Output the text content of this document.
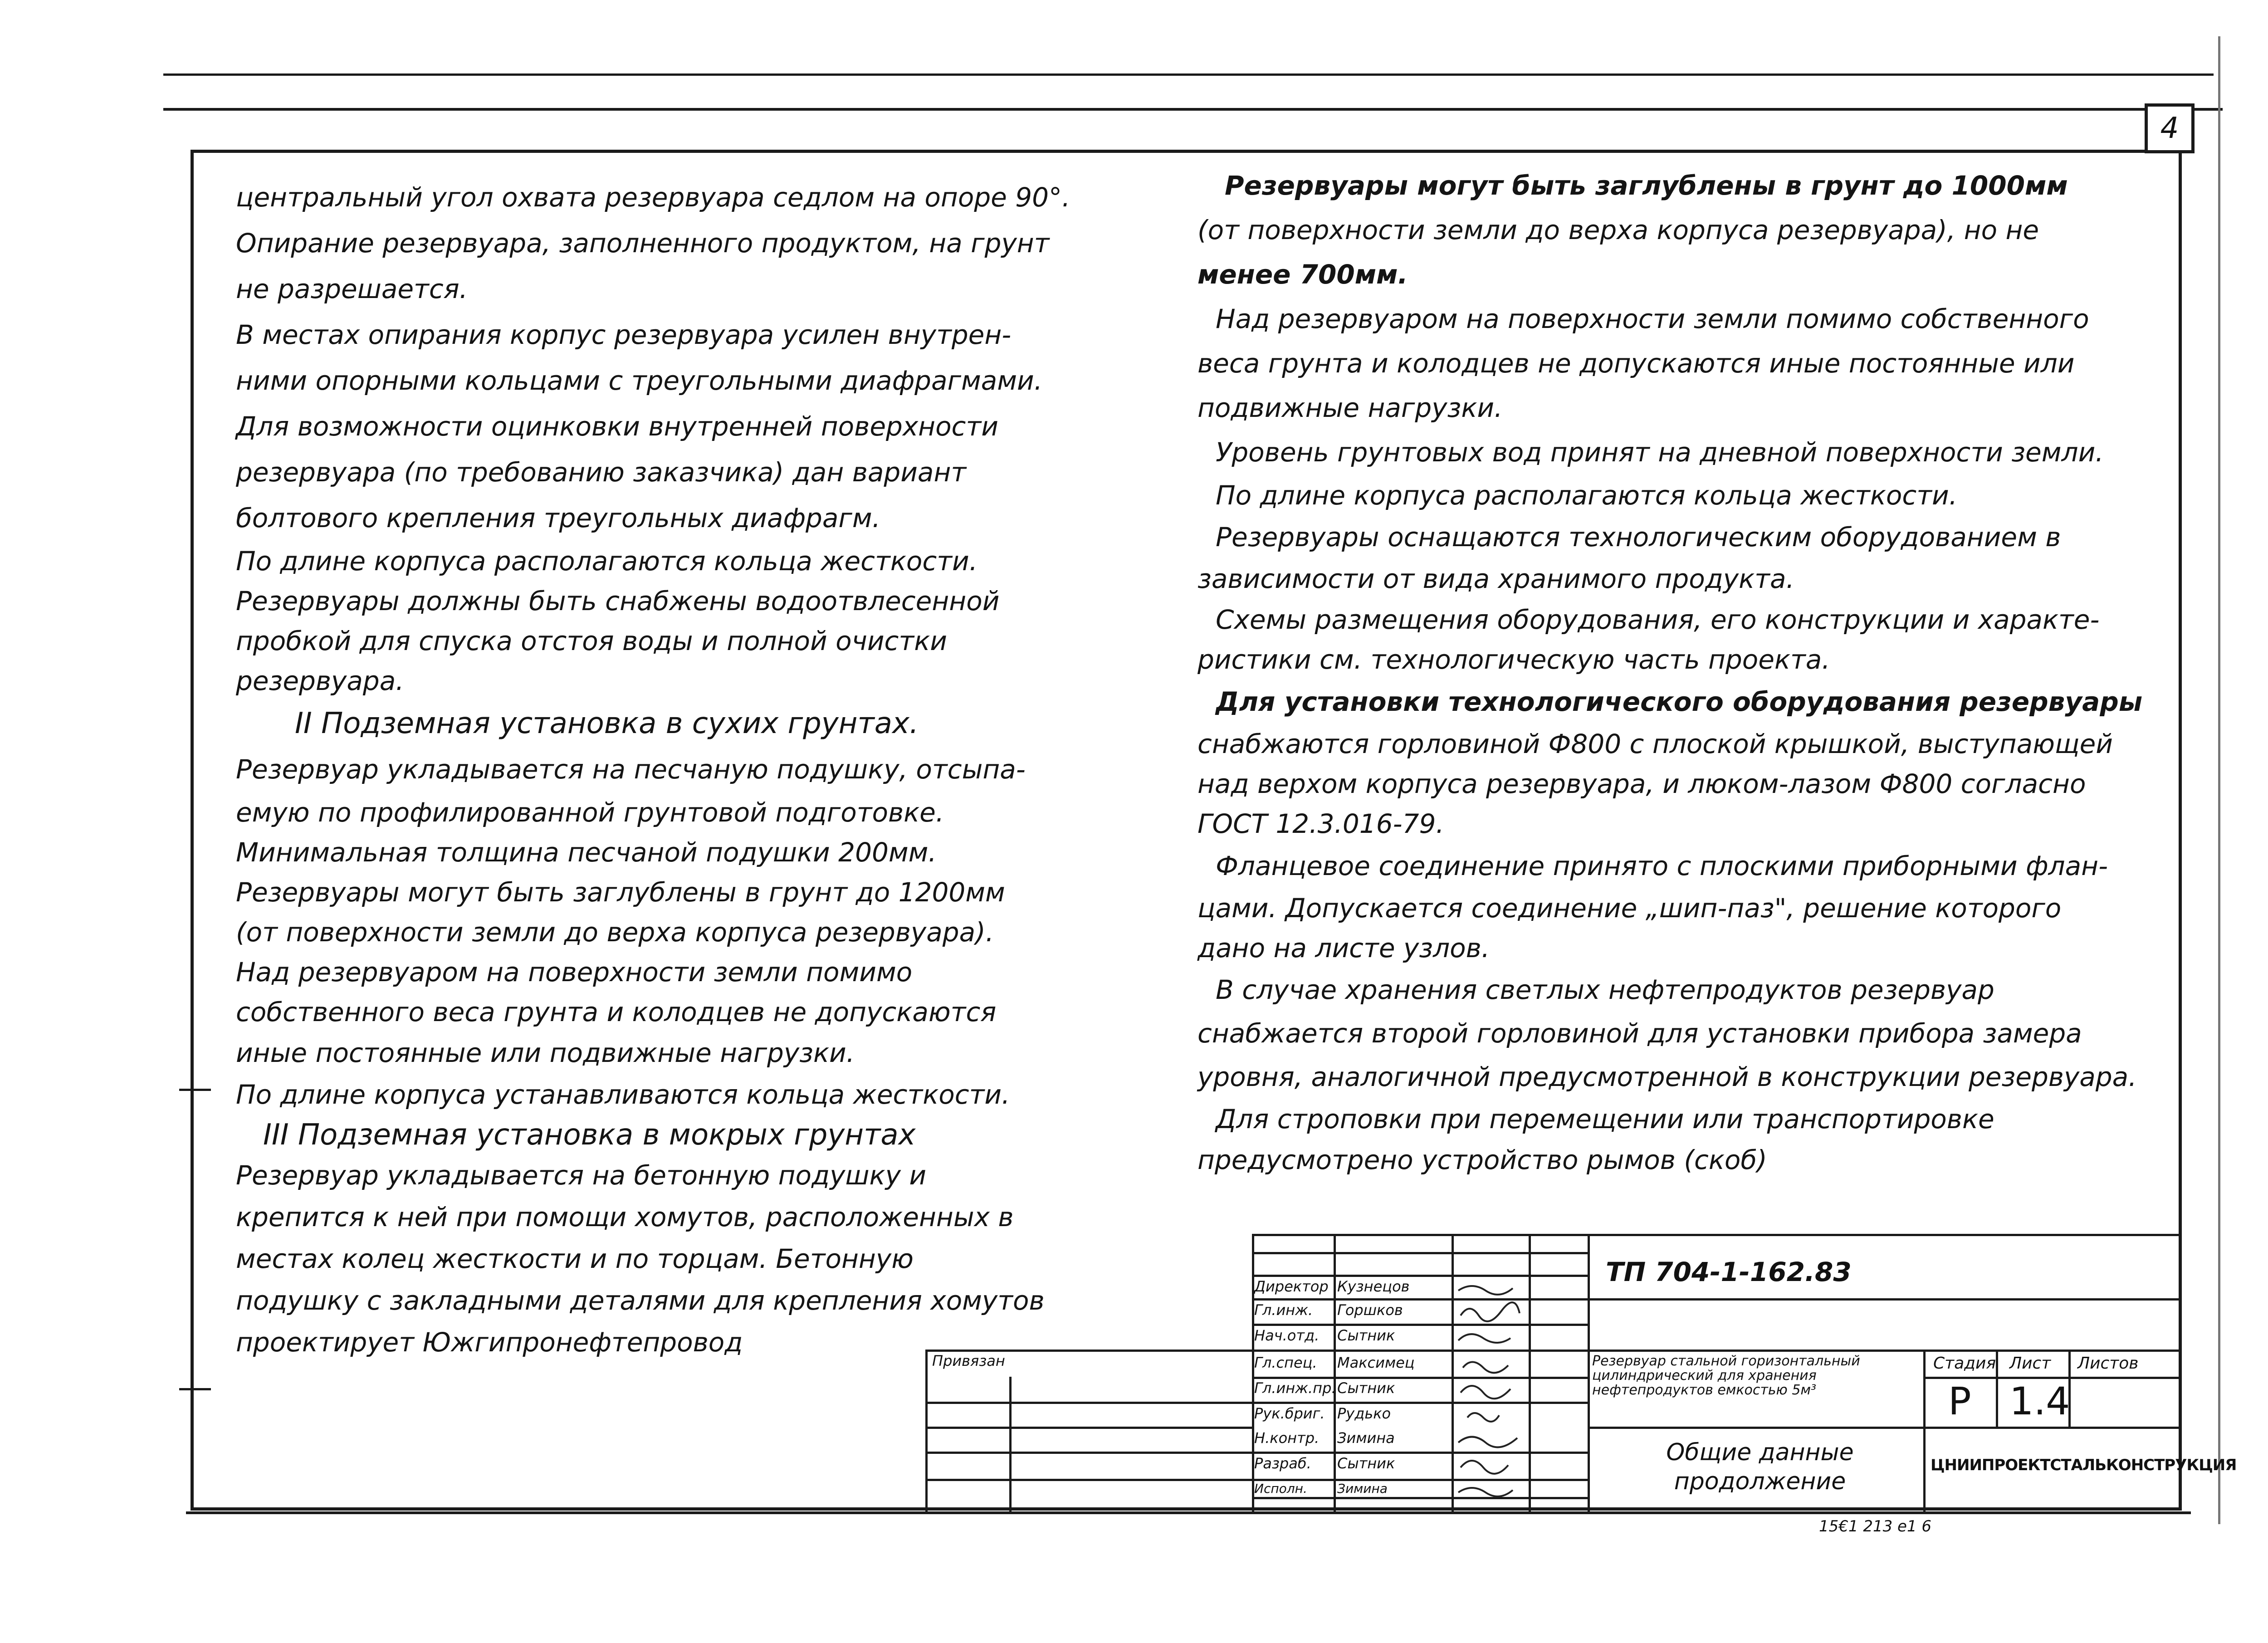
4

центральный угол охвата резервуара седлом на опоре 90°.

Опирание резервуара, заполненного продуктом, на грунт

не разрешается.

В местах опирания корпус резервуара усилен внутрен-

ними опорными кольцами с треугольными диафрагмами.

Для возможности оцинковки внутренней поверхности

резервуара (по требованию заказчика) дан вариант

болтового крепления треугольных диафрагм.

По длине корпуса располагаются кольца жесткости.

Резервуары должны быть снабжены водоотвлесенной

пробкой для спуска отстоя воды и полной очистки

резервуара.

II Подземная установка в сухих грунтах.

Резервуар укладывается на песчаную подушку, отсыпа-

емую по профилированной грунтовой подготовке.

Минимальная толщина песчаной подушки 200мм.

Резервуары могут быть заглублены в грунт до 1200мм

(от поверхности земли до верха корпуса резервуара).

Над резервуаром на поверхности земли помимо

собственного веса грунта и колодцев не допускаются

иные постоянные или подвижные нагрузки.

По длине корпуса устанавливаются кольца жесткости.

III Подземная установка в мокрых грунтах

Резервуар укладывается на бетонную подушку и

крепится к ней при помощи хомутов, расположенных в

местах колец жесткости и по торцам. Бетонную

подушку с закладными деталями для крепления хомутов

проектирует Южгипронефтепровод

Резервуары могут быть заглублены в грунт до 1000мм

(от поверхности земли до верха корпуса резервуара), но не

менее 700мм.

Над резервуаром на поверхности земли помимо собственного

веса грунта и колодцев не допускаются иные постоянные или

подвижные нагрузки.

Уровень грунтовых вод принят на дневной поверхности земли.

По длине корпуса располагаются кольца жесткости.

Резервуары оснащаются технологическим оборудованием в

зависимости от вида хранимого продукта.

Схемы размещения оборудования, его конструкции и характе-

ристики см. технологическую часть проекта.

Для установки технологического оборудования резервуары

снабжаются горловиной Ф800 с плоской крышкой, выступающей

над верхом корпуса резервуара, и люком-лазом Ф800 согласно

ГОСТ 12.3.016-79.

Фланцевое соединение принято с плоскими приборными флан-

цами. Допускается соединение „шип-паз", решение которого

дано на листе узлов.

В случае хранения светлых нефтепродуктов резервуар

снабжается второй горловиной для установки прибора замера

уровня, аналогичной предусмотренной в конструкции резервуара.

Для строповки при перемещении или транспортировке

предусмотрено устройство рымов (скоб)

Привязан
Директор
Гл.инж.
Нач.отд.
Гл.спец.
Гл.инж.пр.
Рук.бриг.
Н.контр.
Разраб.
Исполн.
Кузнецов
Горшков
Сытник
Максимец
Сытник
Рудько
Зимина
Сытник
Зимина
ТП 704-1-162.83
Резервуар стальной горизонтальный цилиндрический для хранения нефтепродуктов емкостью 5м³
Стадия Лист Листов
Р 1.4
Общие данные
продолжение
ЦНИИПРОЕКТСТАЛЬКОНСТРУКЦИЯ
15€1 213 е1 6
